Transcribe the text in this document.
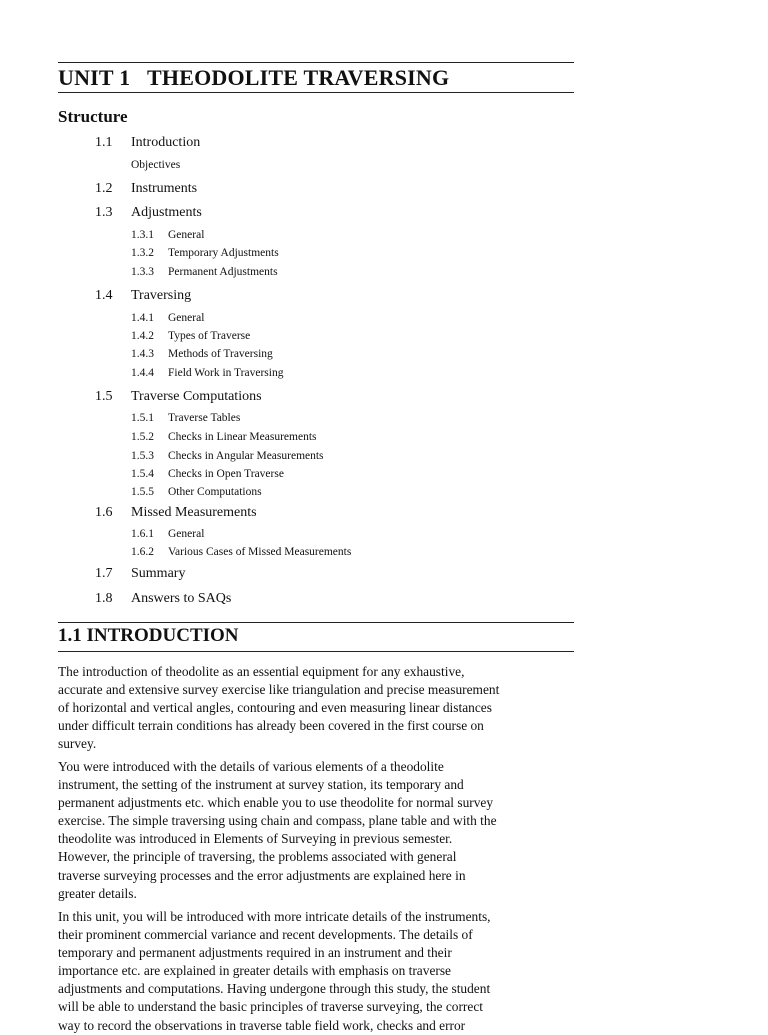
UNIT 1   THEODOLITE TRAVERSING
Structure
1.1 Introduction
Objectives
1.2 Instruments
1.3 Adjustments
1.3.1 General
1.3.2 Temporary Adjustments
1.3.3 Permanent Adjustments
1.4 Traversing
1.4.1 General
1.4.2 Types of Traverse
1.4.3 Methods of Traversing
1.4.4 Field Work in Traversing
1.5 Traverse Computations
1.5.1 Traverse Tables
1.5.2 Checks in Linear Measurements
1.5.3 Checks in Angular Measurements
1.5.4 Checks in Open Traverse
1.5.5 Other Computations
1.6 Missed Measurements
1.6.1 General
1.6.2 Various Cases of Missed Measurements
1.7 Summary
1.8 Answers to SAQs
1.1 INTRODUCTION
The introduction of theodolite as an essential equipment for any exhaustive,
accurate and extensive survey exercise like triangulation and precise measurement
of horizontal and vertical angles, contouring and even measuring linear distances
under difficult terrain conditions has already been covered in the first course on
survey.
You were introduced with the details of various elements of a theodolite
instrument, the setting of the instrument at survey station, its temporary and
permanent adjustments etc. which enable you to use theodolite for normal survey
exercise. The simple traversing using chain and compass, plane table and with the
theodolite was introduced in Elements of Surveying in previous semester.
However, the principle of traversing, the problems associated with general
traverse surveying processes and the error adjustments are explained here in
greater details.
In this unit, you will be introduced with more intricate details of the instruments,
their prominent commercial variance and recent developments. The details of
temporary and permanent adjustments required in an instrument and their
importance etc. are explained in greater details with emphasis on traverse
adjustments and computations. Having undergone through this study, the student
will be able to understand the basic principles of traverse surveying, the correct
way to record the observations in traverse table field work, checks and error
